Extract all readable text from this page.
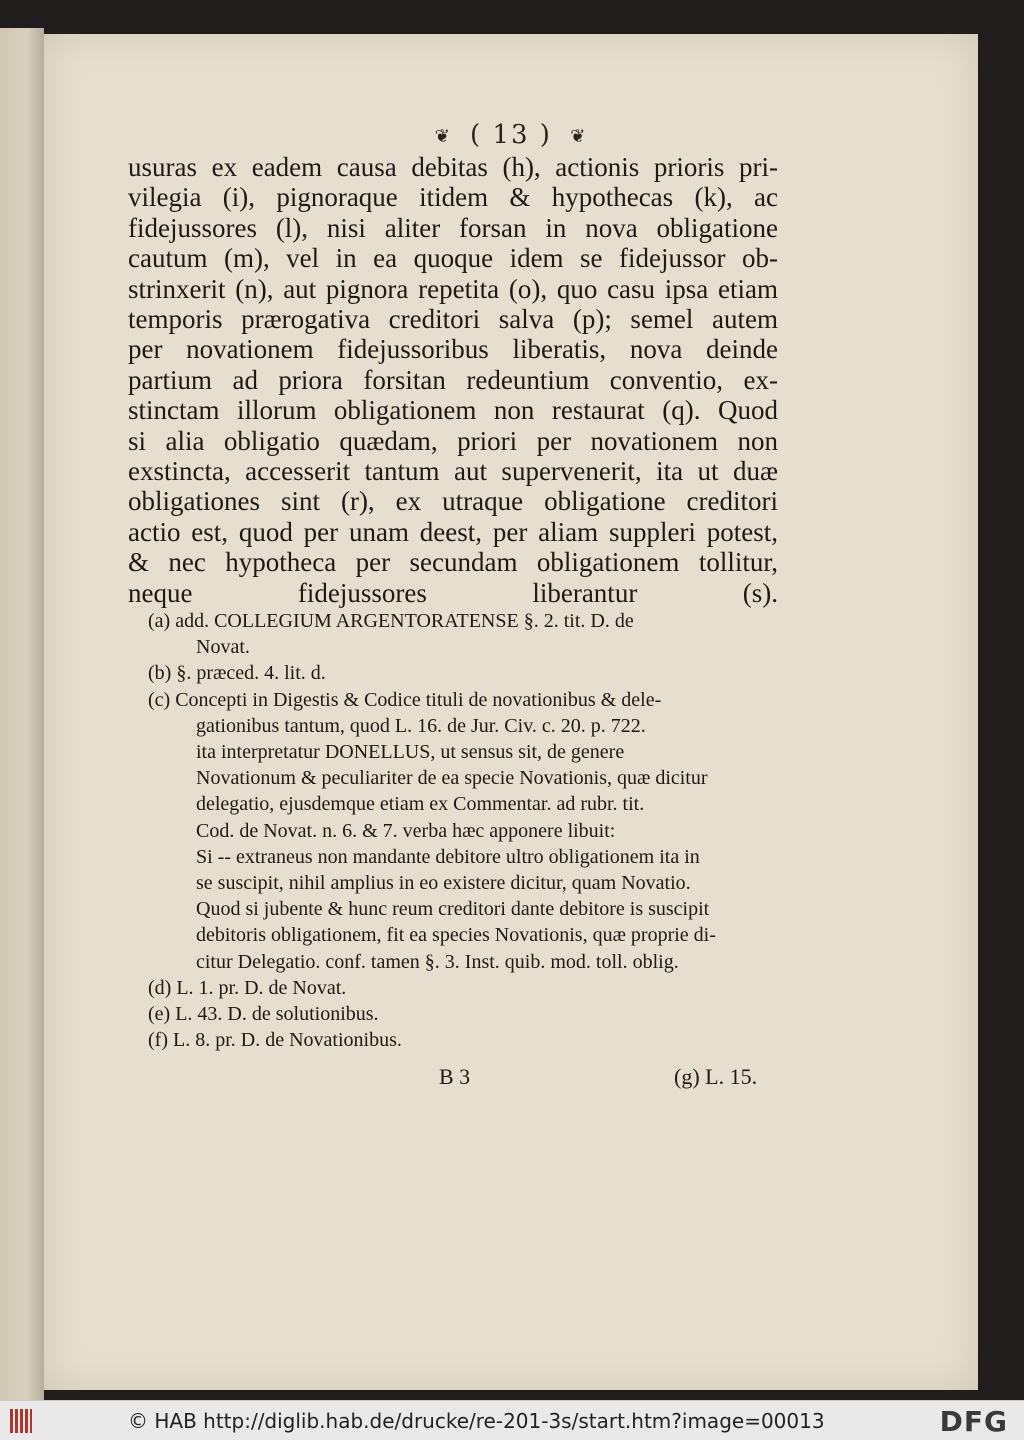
❦ ( 13 ) ❦
usuras ex eadem causa debitas (h), actionis prioris pri-
vilegia (i), pignoraque itidem & hypothecas (k), ac
fidejussores (l), nisi aliter forsan in nova obligatione
cautum (m), vel in ea quoque idem se fidejussor ob-
strinxerit (n), aut pignora repetita (o), quo casu ipsa etiam
temporis prærogativa creditori salva (p); semel autem
per novationem fidejussoribus liberatis, nova deinde
partium ad priora forsitan redeuntium conventio, ex-
stinctam illorum obligationem non restaurat (q). Quod
si alia obligatio quædam, priori per novationem non
exstincta, accesserit tantum aut supervenerit, ita ut duæ
obligationes sint (r), ex utraque obligatione creditori
actio est, quod per unam deest, per aliam suppleri potest,
& nec hypotheca per secundam obligationem tollitur,
neque fidejussores liberantur (s).
(a) add. COLLEGIUM ARGENTORATENSE §. 2. tit. D. de
Novat.
(b) §. præced. 4. lit. d.
(c) Concepti in Digestis & Codice tituli de novationibus & dele-
gationibus tantum, quod L. 16. de Jur. Civ. c. 20. p. 722.
ita interpretatur DONELLUS, ut sensus sit, de genere
Novationum & peculiariter de ea specie Novationis, quæ dicitur
delegatio, ejusdemque etiam ex Commentar. ad rubr. tit.
Cod. de Novat. n. 6. & 7. verba hæc apponere libuit:
Si -- extraneus non mandante debitore ultro obligationem ita in
se suscipit, nihil amplius in eo existere dicitur, quam Novatio.
Quod si jubente & hunc reum creditori dante debitore is suscipit
debitoris obligationem, fit ea species Novationis, quæ proprie di-
citur Delegatio. conf. tamen §. 3. Inst. quib. mod. toll. oblig.
(d) L. 1. pr. D. de Novat.
(e) L. 43. D. de solutionibus.
(f) L. 8. pr. D. de Novationibus.
B 3	(g) L. 15.
© HAB http://diglib.hab.de/drucke/re-201-3s/start.htm?image=00013	DFG
